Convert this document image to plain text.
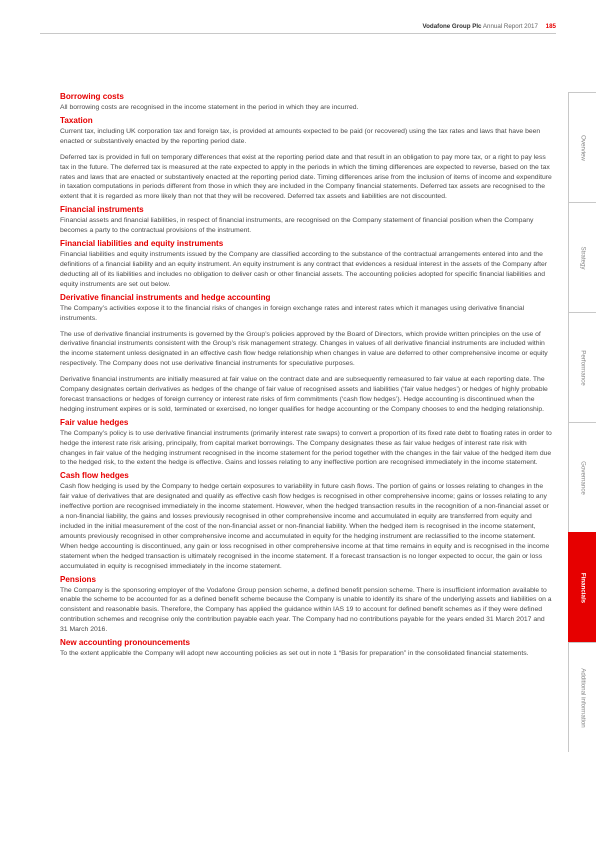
Vodafone Group Plc Annual Report 2017 185
Borrowing costs

All borrowing costs are recognised in the income statement in the period in which they are incurred.

Taxation

Current tax, including UK corporation tax and foreign tax, is provided at amounts expected to be paid (or recovered) using the tax rates and laws that have been enacted or substantively enacted by the reporting period date.

Deferred tax is provided in full on temporary differences that exist at the reporting period date and that result in an obligation to pay more tax, or a right to pay less tax in the future. The deferred tax is measured at the rate expected to apply in the periods in which the timing differences are expected to reverse, based on the tax rates and laws that are enacted or substantively enacted at the reporting period date. Timing differences arise from the inclusion of items of income and expenditure in taxation computations in periods different from those in which they are included in the Company financial statements. Deferred tax assets are recognised to the extent that it is regarded as more likely than not that they will be recovered. Deferred tax assets and liabilities are not discounted.

Financial instruments

Financial assets and financial liabilities, in respect of financial instruments, are recognised on the Company statement of financial position when the Company becomes a party to the contractual provisions of the instrument.

Financial liabilities and equity instruments

Financial liabilities and equity instruments issued by the Company are classified according to the substance of the contractual arrangements entered into and the definitions of a financial liability and an equity instrument. An equity instrument is any contract that evidences a residual interest in the assets of the Company after deducting all of its liabilities and includes no obligation to deliver cash or other financial assets. The accounting policies adopted for specific financial liabilities and equity instruments are set out below.

Derivative financial instruments and hedge accounting

The Company’s activities expose it to the financial risks of changes in foreign exchange rates and interest rates which it manages using derivative financial instruments.

The use of derivative financial instruments is governed by the Group’s policies approved by the Board of Directors, which provide written principles on the use of derivative financial instruments consistent with the Group’s risk management strategy. Changes in values of all derivative financial instruments are included within the income statement unless designated in an effective cash flow hedge relationship when changes in value are deferred to other comprehensive income or equity respectively. The Company does not use derivative financial instruments for speculative purposes.

Derivative financial instruments are initially measured at fair value on the contract date and are subsequently remeasured to fair value at each reporting date. The Company designates certain derivatives as hedges of the change of fair value of recognised assets and liabilities (‘fair value hedges’) or hedges of highly probable forecast transactions or hedges of foreign currency or interest rate risks of firm commitments (‘cash flow hedges’). Hedge accounting is discontinued when the hedging instrument expires or is sold, terminated or exercised, no longer qualifies for hedge accounting or the Company chooses to end the hedging relationship.

Fair value hedges

The Company’s policy is to use derivative financial instruments (primarily interest rate swaps) to convert a proportion of its fixed rate debt to floating rates in order to hedge the interest rate risk arising, principally, from capital market borrowings. The Company designates these as fair value hedges of interest rate risk with changes in fair value of the hedging instrument recognised in the income statement for the period together with the changes in the fair value of the hedged item due to the hedged risk, to the extent the hedge is effective. Gains and losses relating to any ineffective portion are recognised immediately in the income statement.

Cash flow hedges

Cash flow hedging is used by the Company to hedge certain exposures to variability in future cash flows. The portion of gains or losses relating to changes in the fair value of derivatives that are designated and qualify as effective cash flow hedges is recognised in other comprehensive income; gains or losses relating to any ineffective portion are recognised immediately in the income statement. However, when the hedged transaction results in the recognition of a non-financial asset or a non-financial liability, the gains and losses previously recognised in other comprehensive income and accumulated in equity are transferred from equity and included in the initial measurement of the cost of the non-financial asset or non-financial liability. When the hedged item is recognised in the income statement, amounts previously recognised in other comprehensive income and accumulated in equity for the hedging instrument are reclassified to the income statement. When hedge accounting is discontinued, any gain or loss recognised in other comprehensive income at that time remains in equity and is recognised in the income statement when the hedged transaction is ultimately recognised in the income statement. If a forecast transaction is no longer expected to occur, the gain or loss accumulated in equity is recognised immediately in the income statement.

Pensions

The Company is the sponsoring employer of the Vodafone Group pension scheme, a defined benefit pension scheme. There is insufficient information available to enable the scheme to be accounted for as a defined benefit scheme because the Company is unable to identify its share of the underlying assets and liabilities on a consistent and reasonable basis. Therefore, the Company has applied the guidance within IAS 19 to account for defined benefit schemes as if they were defined contribution schemes and recognise only the contribution payable each year. The Company had no contributions payable for the years ended 31 March 2017 and 31 March 2016.

New accounting pronouncements

To the extent applicable the Company will adopt new accounting policies as set out in note 1 “Basis for preparation” in the consolidated financial statements.

Overview
Strategy
Performance
Governance
Financials
Additional information
